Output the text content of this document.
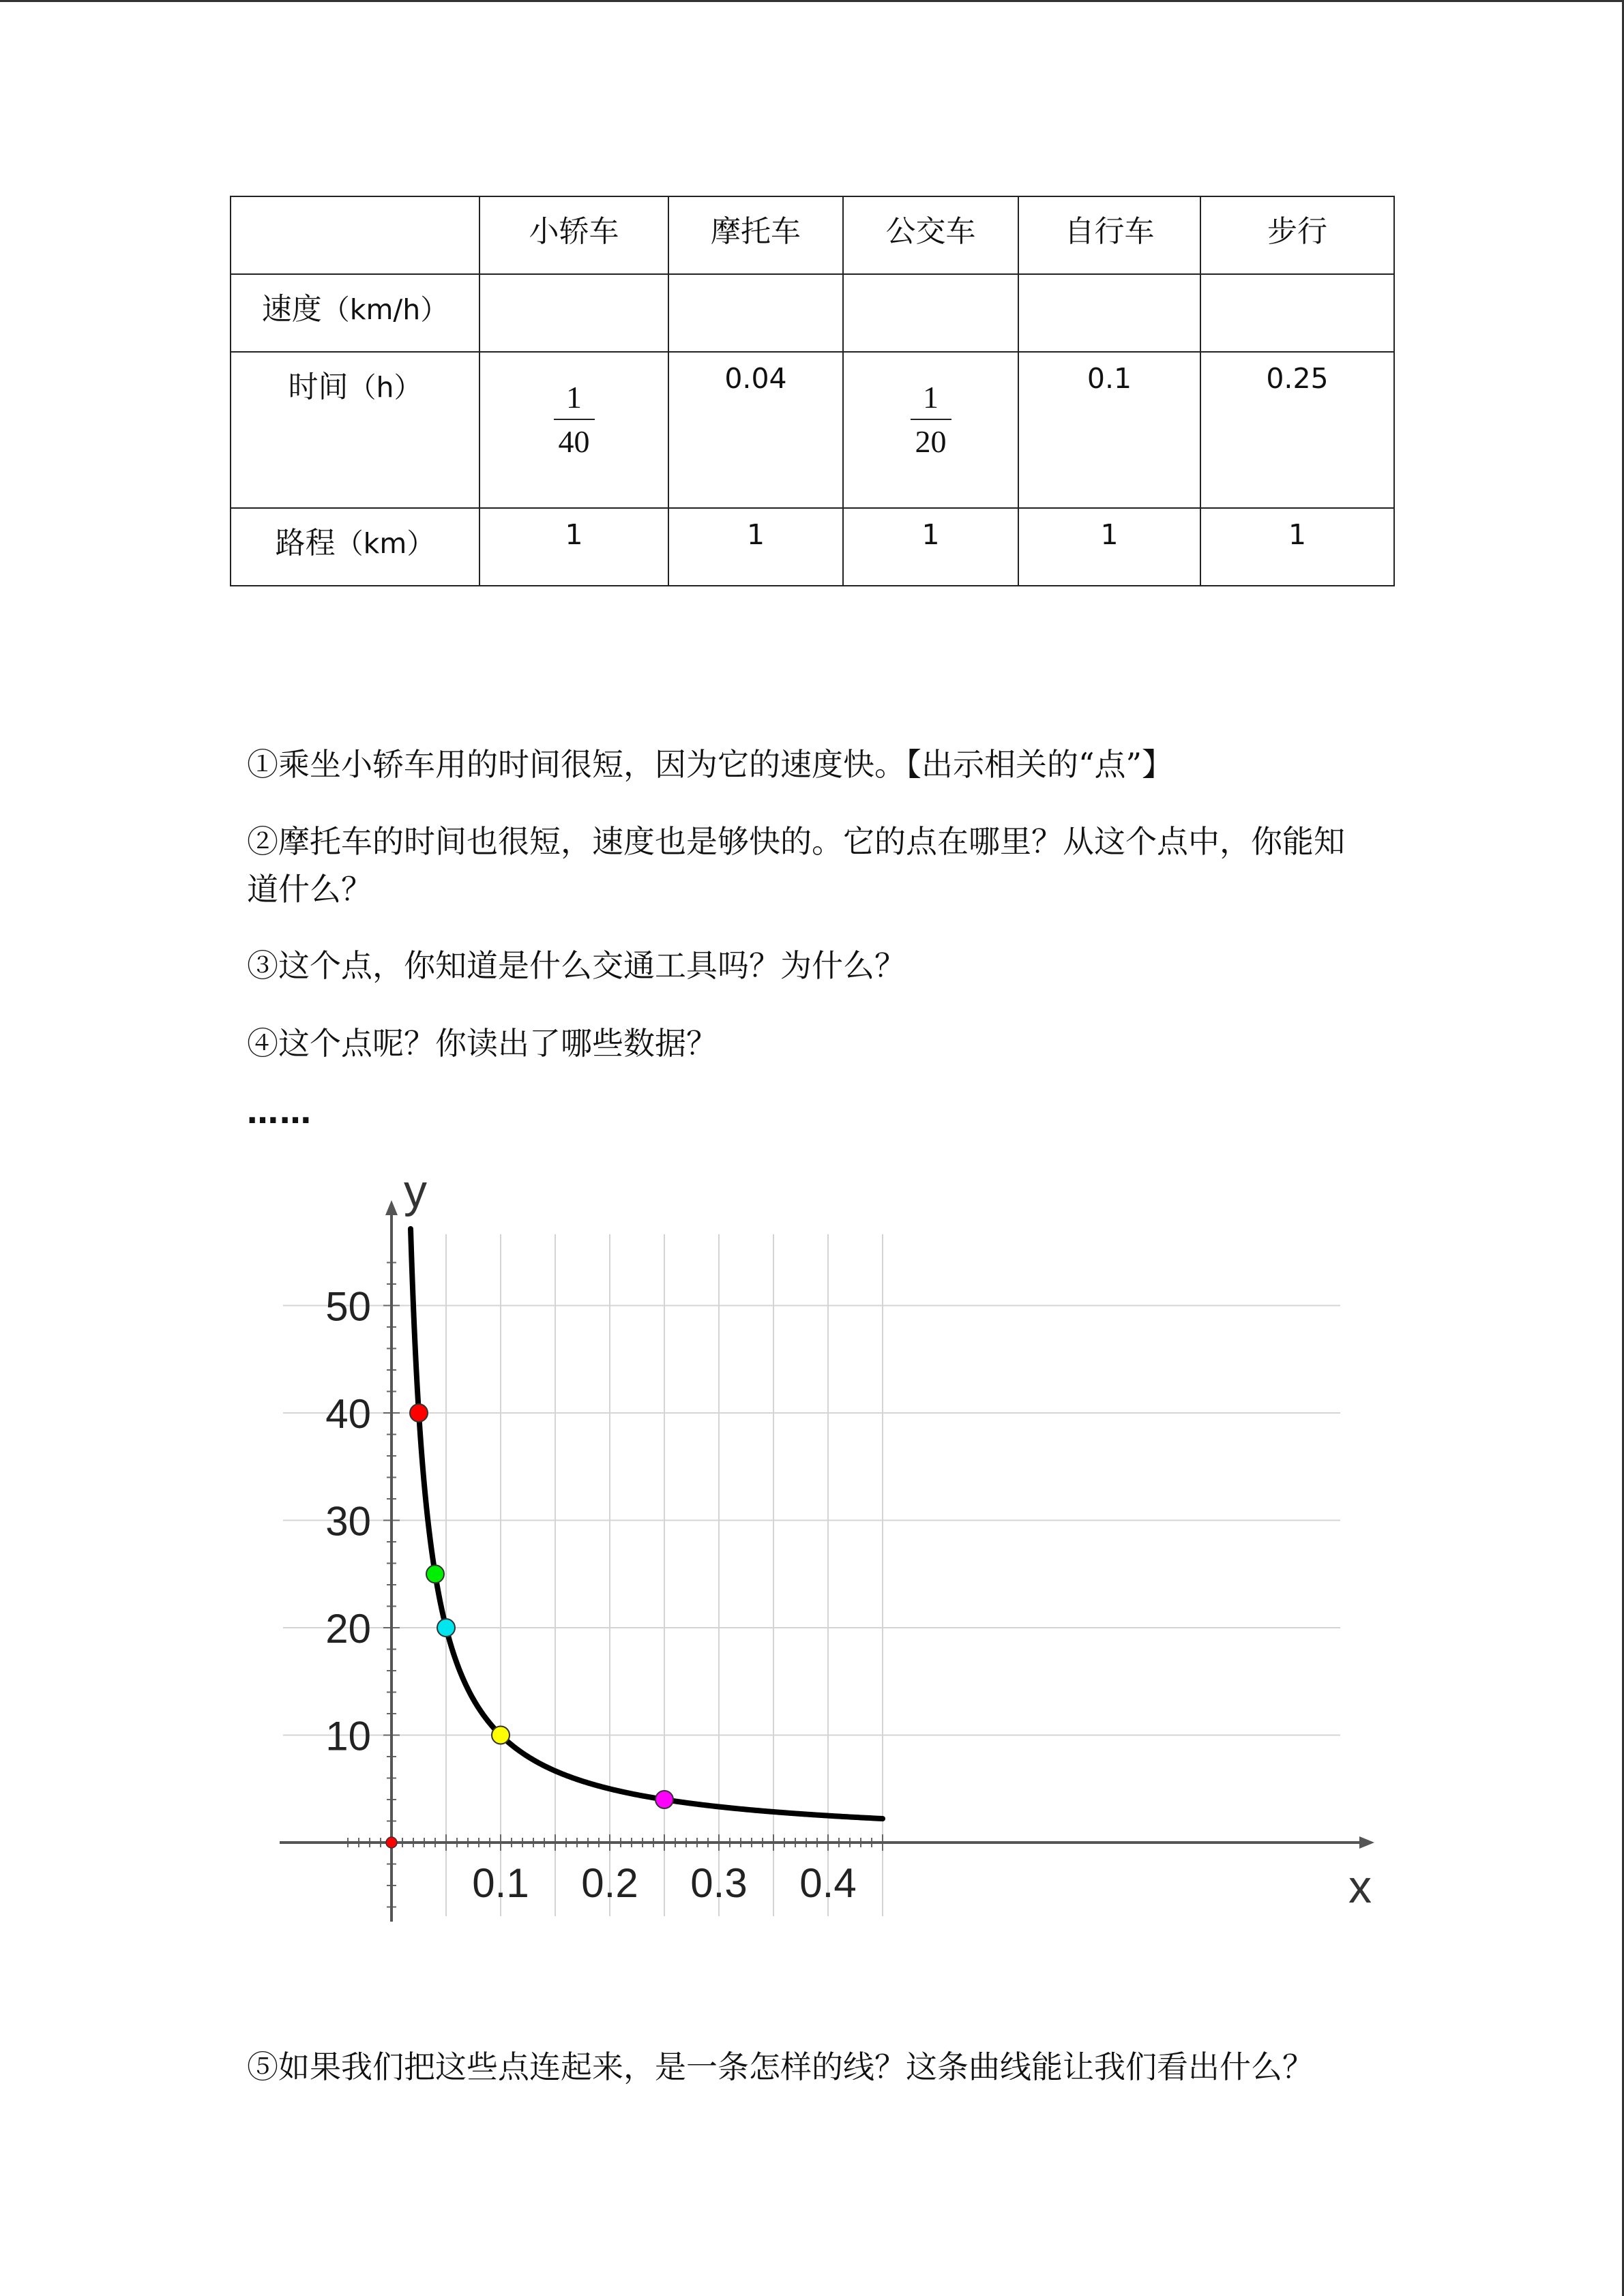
	小轿车	摩托车	公交车	自行车	步行
速度（km/h）					
时间（h）	$\frac{1}{40}$	0.04	$\frac{1}{20}$	0.1	0.25
路程（km）	1	1	1	1	1

①乘坐小轿车用的时间很短，因为它的速度快。【出示相关的“点”】

②摩托车的时间也很短，速度也是够快的。它的点在哪里？从这个点中，你能知道什么？

③这个点，你知道是什么交通工具吗？为什么？

④这个点呢？你读出了哪些数据？

……

0.1 0.2 0.3 0.4
10
20
30
40
50
x
y

⑤如果我们把这些点连起来，是一条怎样的线？这条曲线能让我们看出什么？
